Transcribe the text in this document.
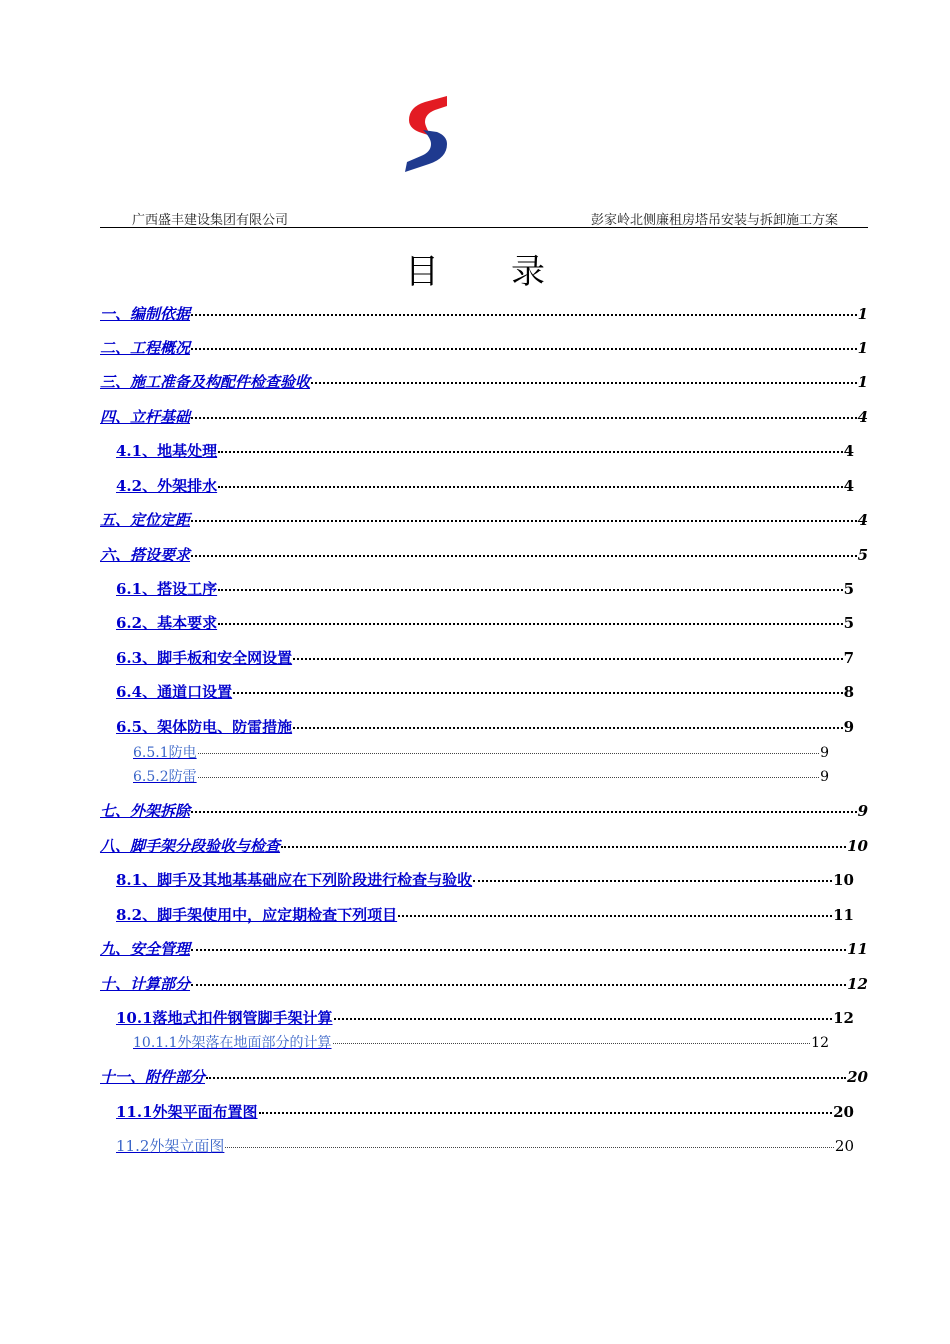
广西盛丰建设集团有限公司	彭家岭北侧廉租房塔吊安装与拆卸施工方案
目录
一、编制依据	1
二、工程概况	1
三、施工准备及构配件检查验收	1
四、立杆基础	4
4.1、地基处理	4
4.2、外架排水	4
五、定位定距	4
六、搭设要求	5
6.1、搭设工序	5
6.2、基本要求	5
6.3、脚手板和安全网设置	7
6.4、通道口设置	8
6.5、架体防电、防雷措施	9
6.5.1防电	9
6.5.2防雷	9
七、外架拆除	9
八、脚手架分段验收与检查	10
8.1、脚手及其地基基础应在下列阶段进行检查与验收	10
8.2、脚手架使用中，应定期检查下列项目	11
九、安全管理	11
十、计算部分	12
10.1落地式扣件钢管脚手架计算	12
10.1.1外架落在地面部分的计算	12
十一、附件部分	20
11.1外架平面布置图	20
11.2外架立面图	20
